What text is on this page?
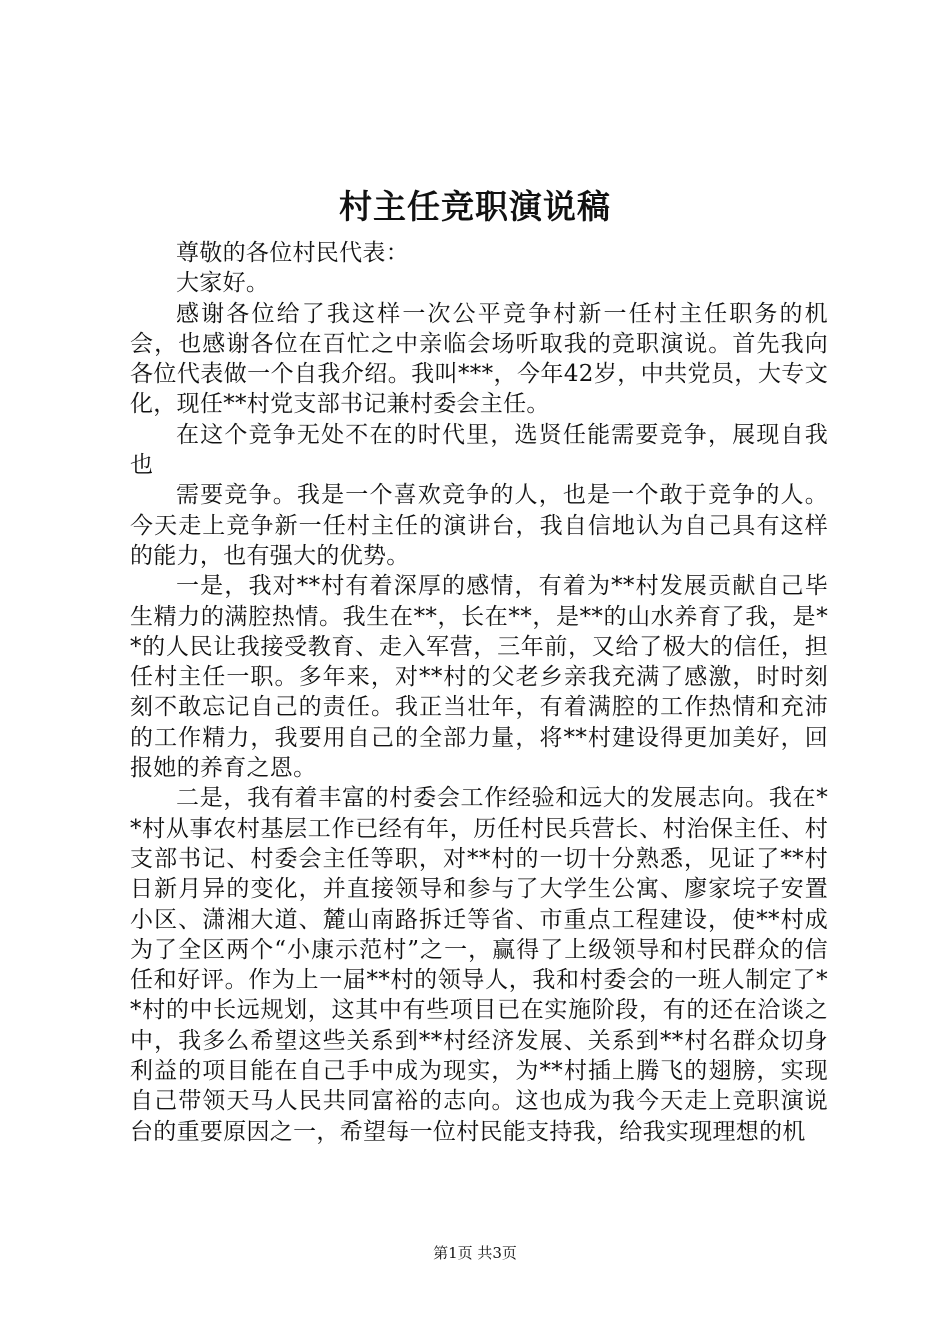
村主任竞职演说稿

尊敬的各位村民代表：

大家好。

感谢各位给了我这样一次公平竞争村新一任村主任职务的机会，也感谢各位在百忙之中亲临会场听取我的竞职演说。首先我向各位代表做一个自我介绍。我叫***，今年42岁，中共党员，大专文化，现任**村党支部书记兼村委会主任。

在这个竞争无处不在的时代里，选贤任能需要竞争，展现自我也

需要竞争。我是一个喜欢竞争的人，也是一个敢于竞争的人。今天走上竞争新一任村主任的演讲台，我自信地认为自己具有这样的能力，也有强大的优势。

一是，我对**村有着深厚的感情，有着为**村发展贡献自己毕生精力的满腔热情。我生在**，长在**，是**的山水养育了我，是**的人民让我接受教育、走入军营，三年前，又给了极大的信任，担任村主任一职。多年来，对**村的父老乡亲我充满了感激，时时刻刻不敢忘记自己的责任。我正当壮年，有着满腔的工作热情和充沛的工作精力，我要用自己的全部力量，将**村建设得更加美好，回报她的养育之恩。

二是，我有着丰富的村委会工作经验和远大的发展志向。我在**村从事农村基层工作已经有年，历任村民兵营长、村治保主任、村支部书记、村委会主任等职，对**村的一切十分熟悉，见证了**村日新月异的变化，并直接领导和参与了大学生公寓、廖家垸子安置小区、潇湘大道、麓山南路拆迁等省、市重点工程建设，使**村成为了全区两个“小康示范村”之一，赢得了上级领导和村民群众的信任和好评。作为上一届**村的领导人，我和村委会的一班人制定了**村的中长远规划，这其中有些项目已在实施阶段，有的还在洽谈之中，我多么希望这些关系到**村经济发展、关系到**村名群众切身利益的项目能在自己手中成为现实，为**村插上腾飞的翅膀，实现自己带领天马人民共同富裕的志向。这也成为我今天走上竞职演说台的重要原因之一，希望每一位村民能支持我，给我实现理想的机

第1页 共3页
